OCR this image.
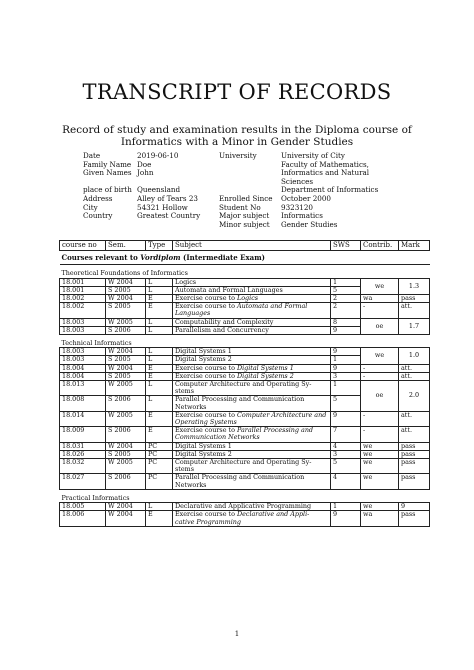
TRANSCRIPT OF RECORDS
Record of study and examination results in the Diploma course of Informatics with a Minor in Gender Studies
Date	2019-06-10	University	University of City
Family Name Doe	Faculty of Mathematics,
Given Names John	Informatics and Natural Sciences
place of birth Queensland	Department of Informatics
Address	Alley of Tears 23	Enrolled Since	October 2000
City	54321 Hollow	Student No	9323120
Country	Greatest Country	Major subject	Informatics
Minor subject	Gender Studies
course no	Sem.	Type	Subject	SWS	Contrib.	Mark
Courses relevant to Vordiplom (Intermediate Exam)						
Theoretical Foundations of Informatics						
18.001	W 2004	L	Logics	1	we	1.3
18.001	S 2005	L	Automata and Formal Languages	5		
18.002	W 2004	E	Exercise course to Logics	2	wa	pass
18.002	S 2005	E	Exercise course to Automata and Formal Languages	2	-	att.
18.003	W 2005	L	Computability and Complexity	8	oe	1.7
18.003	S 2006	L	Parallelism and Concurrency	9		
Technical Informatics						
18.003	W 2004	L	Digital Systems 1	9	we	1.0
18.003	S 2005	L	Digital Systems 2	1		
18.004	W 2004	E	Exercise course to Digital Systems 1	9	-	att.
18.004	S 2005	E	Exercise course to Digital Systems 2	3	-	att.
18.013	W 2005	L	Computer Architecture and Operating Sy- stems	1	oe	2.0
18.008	S 2006	L	Parallel Processing and Communication Networks	5		
18.014	W 2005	E	Exercise course to Computer Architecture and Operating Systems	9	-	att.
18.009	S 2006	E	Exercise course to Parallel Processing and Communication Networks	7	-	att.
18.031	W 2004	PC	Digital Systems 1	4	we	pass
18.026	S 2005	PC	Digital Systems 2	3	we	pass
18.032	W 2005	PC	Computer Architecture and Operating Sy- stems	5	we	pass
18.027	S 2006	PC	Parallel Processing and Communication Networks	4	we	pass
Practical Informatics						
18.005	W 2004	L	Declarative and Applicative Programming	1	we	9
18.006	W 2004	E	Exercise course to Declarative and Appli- cative Programming	9	wa	pass
1
